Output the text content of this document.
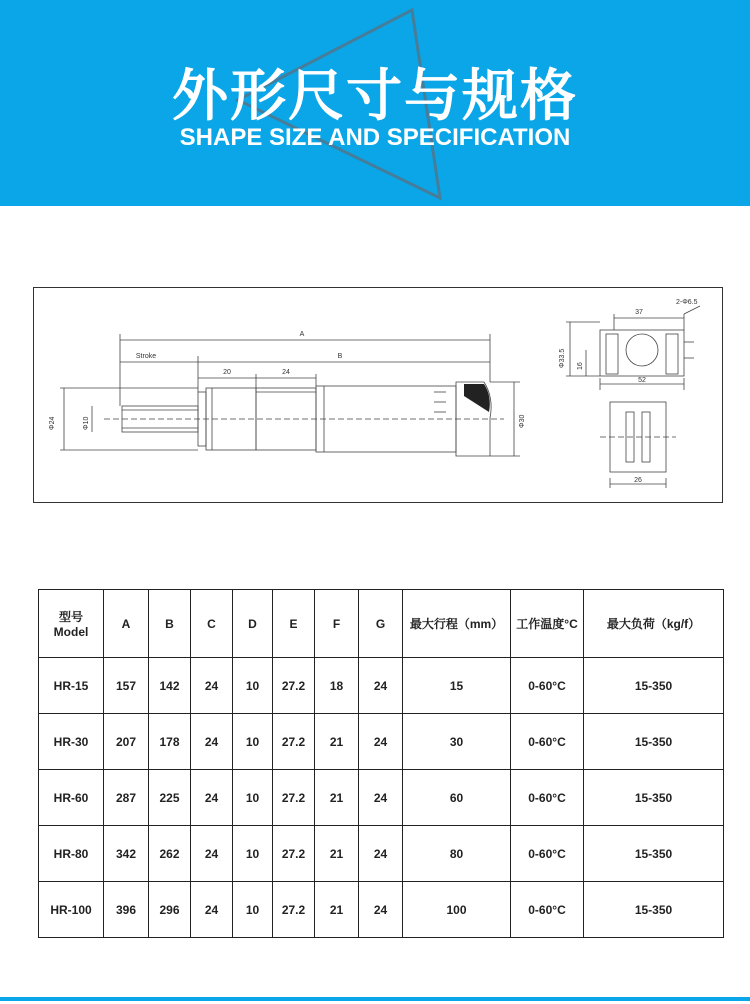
外形尺寸与规格
SHAPE SIZE AND SPECIFICATION
A
Stroke	B
20	24
Φ24	Φ10	Φ30
37
2-Φ6.5
Φ33.5 16
52
26
型号
Model	A	B	C	D	E	F	G	最大行程（mm）	工作温度°C	最大负荷（kg/f）
HR-15	157	142	24	10	27.2	18	24	15	0-60°C	15-350
HR-30	207	178	24	10	27.2	21	24	30	0-60°C	15-350
HR-60	287	225	24	10	27.2	21	24	60	0-60°C	15-350
HR-80	342	262	24	10	27.2	21	24	80	0-60°C	15-350
HR-100	396	296	24	10	27.2	21	24	100	0-60°C	15-350
